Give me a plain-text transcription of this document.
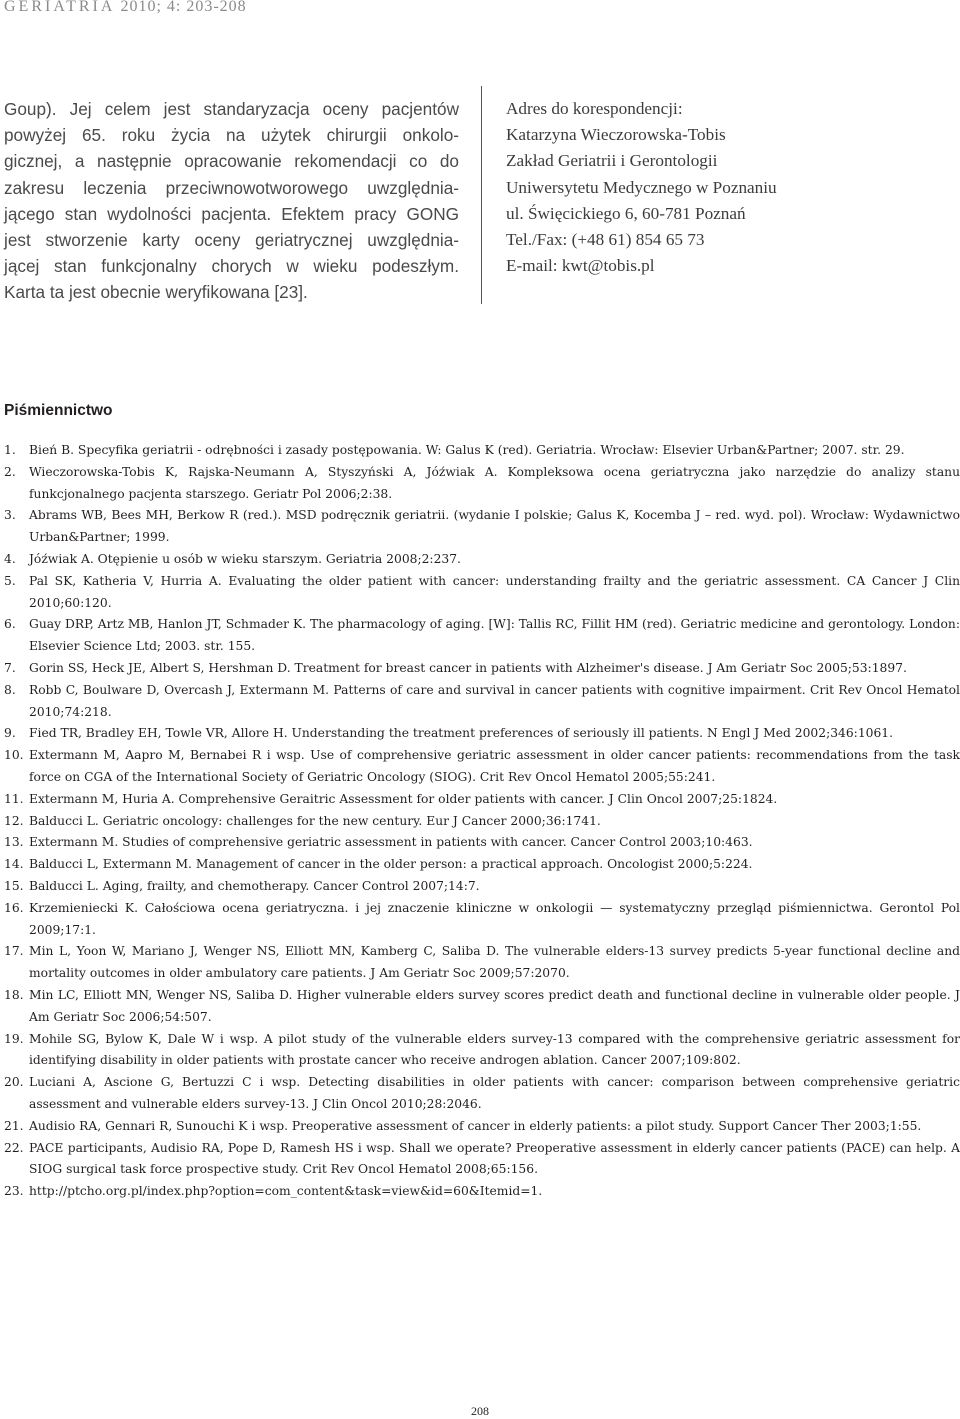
GERIATRIA 2010; 4: 203-208
Goup). Jej celem jest standaryzacja oceny pacjentów
powyżej 65. roku życia na użytek chirurgii onkolo-
gicznej, a następnie opracowanie rekomendacji co do
zakresu leczenia przeciwnowotworowego uwzględnia-
jącego stan wydolności pacjenta. Efektem pracy GONG
jest stworzenie karty oceny geriatrycznej uwzględnia-
jącej stan funkcjonalny chorych w wieku podeszłym.
Karta ta jest obecnie weryfikowana [23].
Adres do korespondencji:
Katarzyna Wieczorowska-Tobis
Zakład Geriatrii i Gerontologii
Uniwersytetu Medycznego w Poznaniu
ul. Święcickiego 6, 60-781 Poznań
Tel./Fax: (+48 61) 854 65 73
E-mail: kwt@tobis.pl
Piśmiennictwo
1.	Bień B. Specyfika geriatrii - odrębności i zasady postępowania. W: Galus K (red). Geriatria. Wrocław: Elsevier Urban&Partner; 2007. str. 29.
2.	Wieczorowska-Tobis K, Rajska-Neumann A, Styszyński A, Jóźwiak A. Kompleksowa ocena geriatryczna jako narzędzie do analizy stanu funkcjonalnego pacjenta starszego. Geriatr Pol 2006;2:38.
3.	Abrams WB, Bees MH, Berkow R (red.). MSD podręcznik geriatrii. (wydanie I polskie; Galus K, Kocemba J – red. wyd. pol). Wrocław: Wydawnictwo Urban&Partner; 1999.
4.	Jóźwiak A. Otępienie u osób w wieku starszym. Geriatria 2008;2:237.
5.	Pal SK, Katheria V, Hurria A. Evaluating the older patient with cancer: understanding frailty and the geriatric assessment. CA Cancer J Clin 2010;60:120.
6.	Guay DRP, Artz MB, Hanlon JT, Schmader K. The pharmacology of aging. [W]: Tallis RC, Fillit HM (red). Geriatric medicine and gerontology. London: Elsevier Science Ltd; 2003. str. 155.
7.	Gorin SS, Heck JE, Albert S, Hershman D. Treatment for breast cancer in patients with Alzheimer's disease. J Am Geriatr Soc 2005;53:1897.
8.	Robb C, Boulware D, Overcash J, Extermann M. Patterns of care and survival in cancer patients with cognitive impairment. Crit Rev Oncol Hematol 2010;74:218.
9.	Fied TR, Bradley EH, Towle VR, Allore H. Understanding the treatment preferences of seriously ill patients. N Engl J Med 2002;346:1061.
10. Extermann M, Aapro M, Bernabei R i wsp. Use of comprehensive geriatric assessment in older cancer patients: recommendations from the task force on CGA of the International Society of Geriatric Oncology (SIOG). Crit Rev Oncol Hematol 2005;55:241.
11. Extermann M, Huria A. Comprehensive Geraitric Assessment for older patients with cancer. J Clin Oncol 2007;25:1824.
12. Balducci L. Geriatric oncology: challenges for the new century. Eur J Cancer 2000;36:1741.
13. Extermann M. Studies of comprehensive geriatric assessment in patients with cancer. Cancer Control 2003;10:463.
14. Balducci L, Extermann M. Management of cancer in the older person: a practical approach. Oncologist 2000;5:224.
15. Balducci L. Aging, frailty, and chemotherapy. Cancer Control 2007;14:7.
16. Krzemieniecki K. Całościowa ocena geriatryczna. i jej znaczenie kliniczne w onkologii — systematyczny przegląd piśmiennictwa. Gerontol Pol 2009;17:1.
17. Min L, Yoon W, Mariano J, Wenger NS, Elliott MN, Kamberg C, Saliba D. The vulnerable elders-13 survey predicts 5-year functional decline and mortality outcomes in older ambulatory care patients. J Am Geriatr Soc 2009;57:2070.
18. Min LC, Elliott MN, Wenger NS, Saliba D. Higher vulnerable elders survey scores predict death and functional decline in vulnerable older people. J Am Geriatr Soc 2006;54:507.
19. Mohile SG, Bylow K, Dale W i wsp. A pilot study of the vulnerable elders survey-13 compared with the comprehensive geriatric assessment for identifying disability in older patients with prostate cancer who receive androgen ablation. Cancer 2007;109:802.
20. Luciani A, Ascione G, Bertuzzi C i wsp. Detecting disabilities in older patients with cancer: comparison between comprehensive geriatric assessment and vulnerable elders survey-13. J Clin Oncol 2010;28:2046.
21. Audisio RA, Gennari R, Sunouchi K i wsp. Preoperative assessment of cancer in elderly patients: a pilot study. Support Cancer Ther 2003;1:55.
22. PACE participants, Audisio RA, Pope D, Ramesh HS i wsp. Shall we operate? Preoperative assessment in elderly cancer patients (PACE) can help. A SIOG surgical task force prospective study. Crit Rev Oncol Hematol 2008;65:156.
23. http://ptcho.org.pl/index.php?option=com_content&task=view&id=60&Itemid=1.
208
